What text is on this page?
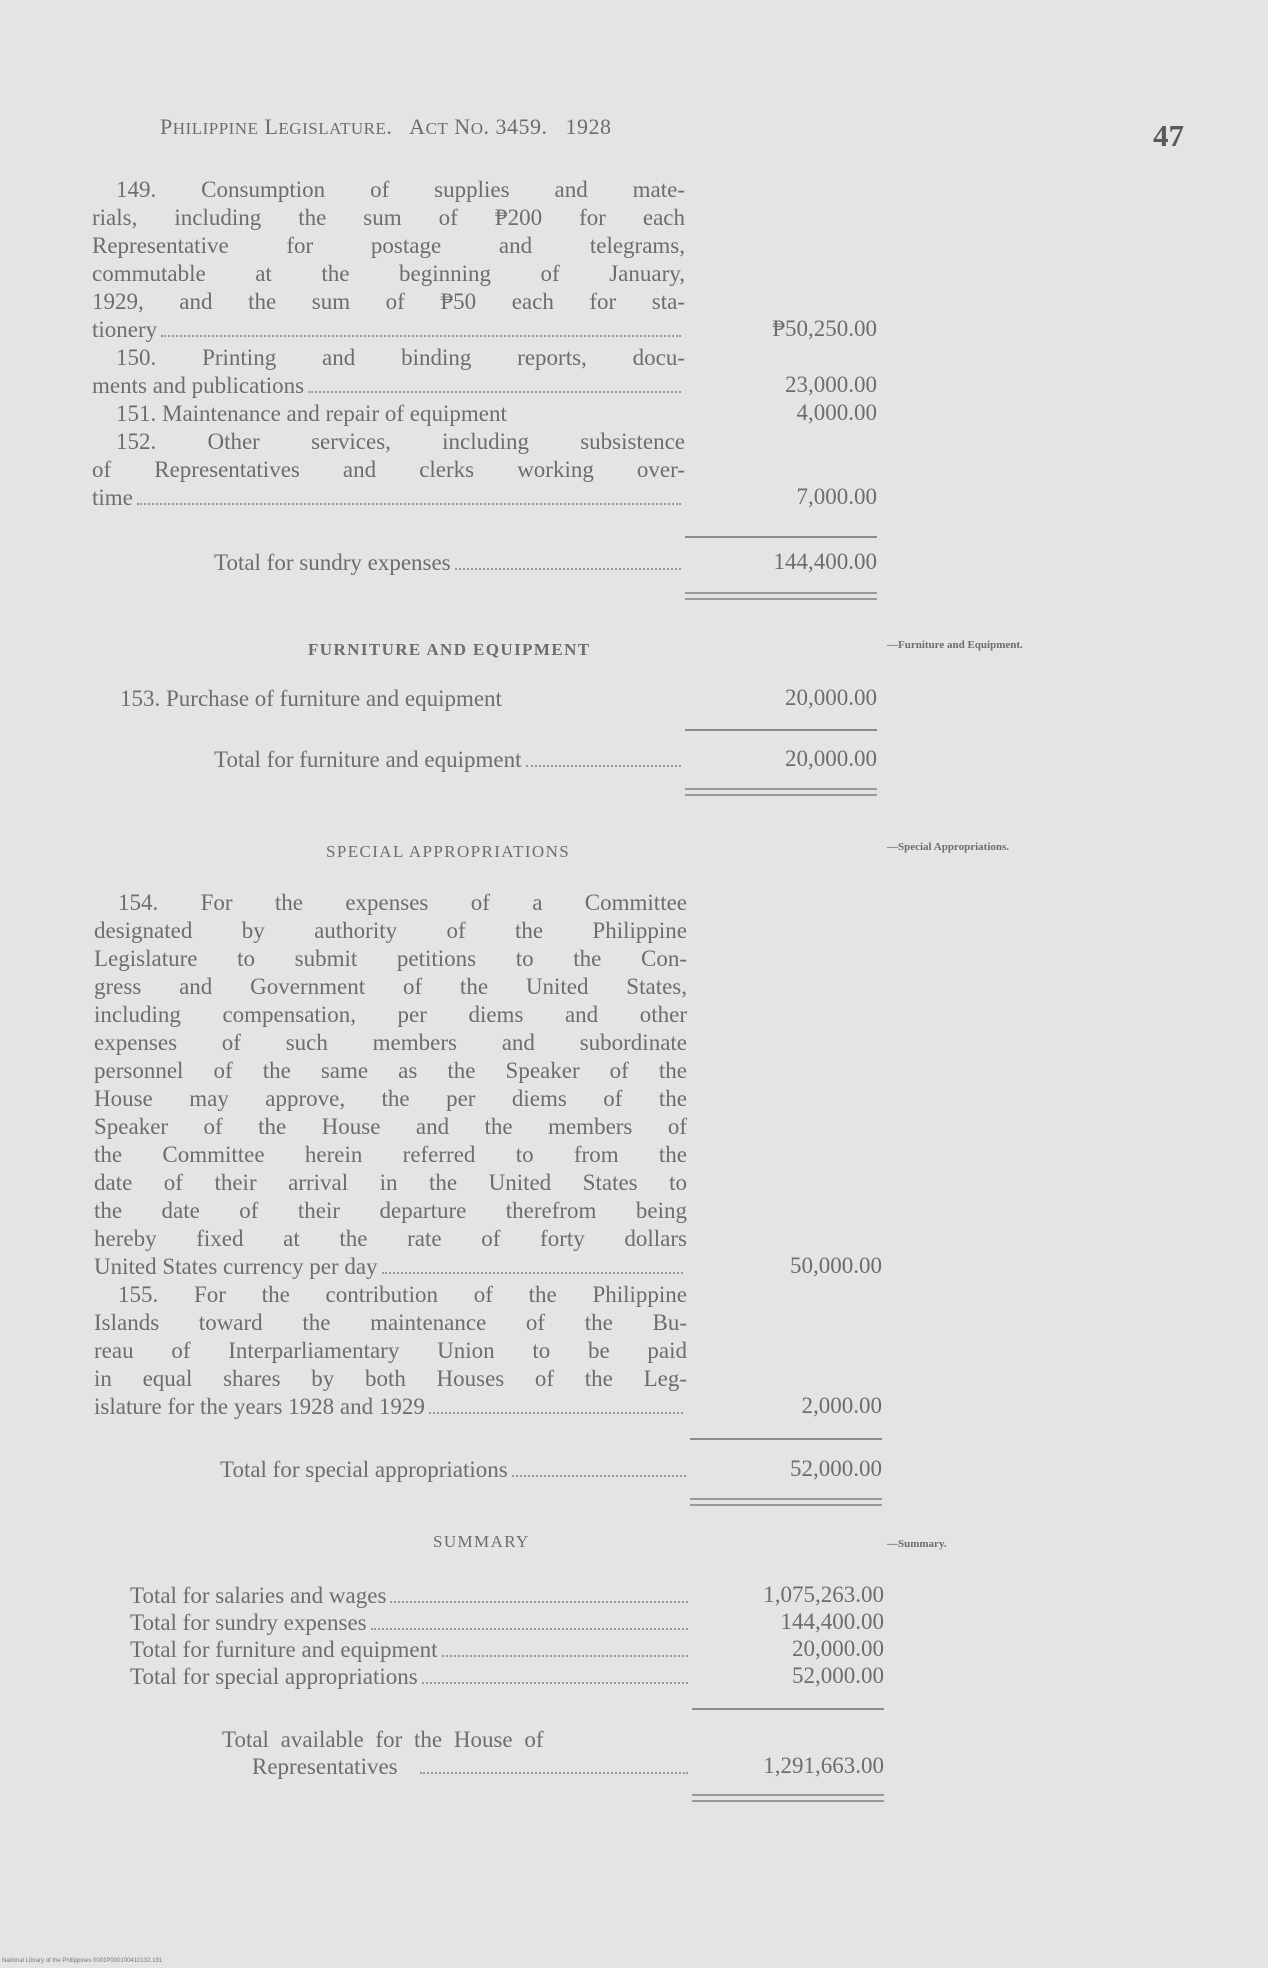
PHILIPPINE LEGISLATURE.   ACT NO. 3459.   1928	47
149. Consumption of supplies and mate-
rials, including the sum of ₱200 for each
Representative for postage and telegrams,
commutable at the beginning of January,
1929, and the sum of ₱50 each for sta-
tionery	₱50,250.00
150. Printing and binding reports, docu-
ments and publications	23,000.00
151. Maintenance and repair of equipment	4,000.00
152. Other services, including subsistence
of Representatives and clerks working over-
time	7,000.00
Total for sundry expenses	144,400.00
FURNITURE AND EQUIPMENT	—Furniture and Equipment.
153. Purchase of furniture and equipment	20,000.00
Total for furniture and equipment	20,000.00
SPECIAL APPROPRIATIONS	—Special Appropriations.
154. For the expenses of a Committee
designated by authority of the Philippine
Legislature to submit petitions to the Con-
gress and Government of the United States,
including compensation, per diems and other
expenses of such members and subordinate
personnel of the same as the Speaker of the
House may approve, the per diems of the
Speaker of the House and the members of
the Committee herein referred to from the
date of their arrival in the United States to
the date of their departure therefrom being
hereby fixed at the rate of forty dollars
United States currency per day	50,000.00
155. For the contribution of the Philippine
Islands toward the maintenance of the Bu-
reau of Interparliamentary Union to be paid
in equal shares by both Houses of the Leg-
islature for the years 1928 and 1929	2,000.00
Total for special appropriations	52,000.00
SUMMARY	—Summary.
Total for salaries and wages	1,075,263.00
Total for sundry expenses	144,400.00
Total for furniture and equipment	20,000.00
Total for special appropriations	52,000.00
Total available for the House of
Representatives	1,291,663.00
National Library of the Philippines 0001P000100410132.191
